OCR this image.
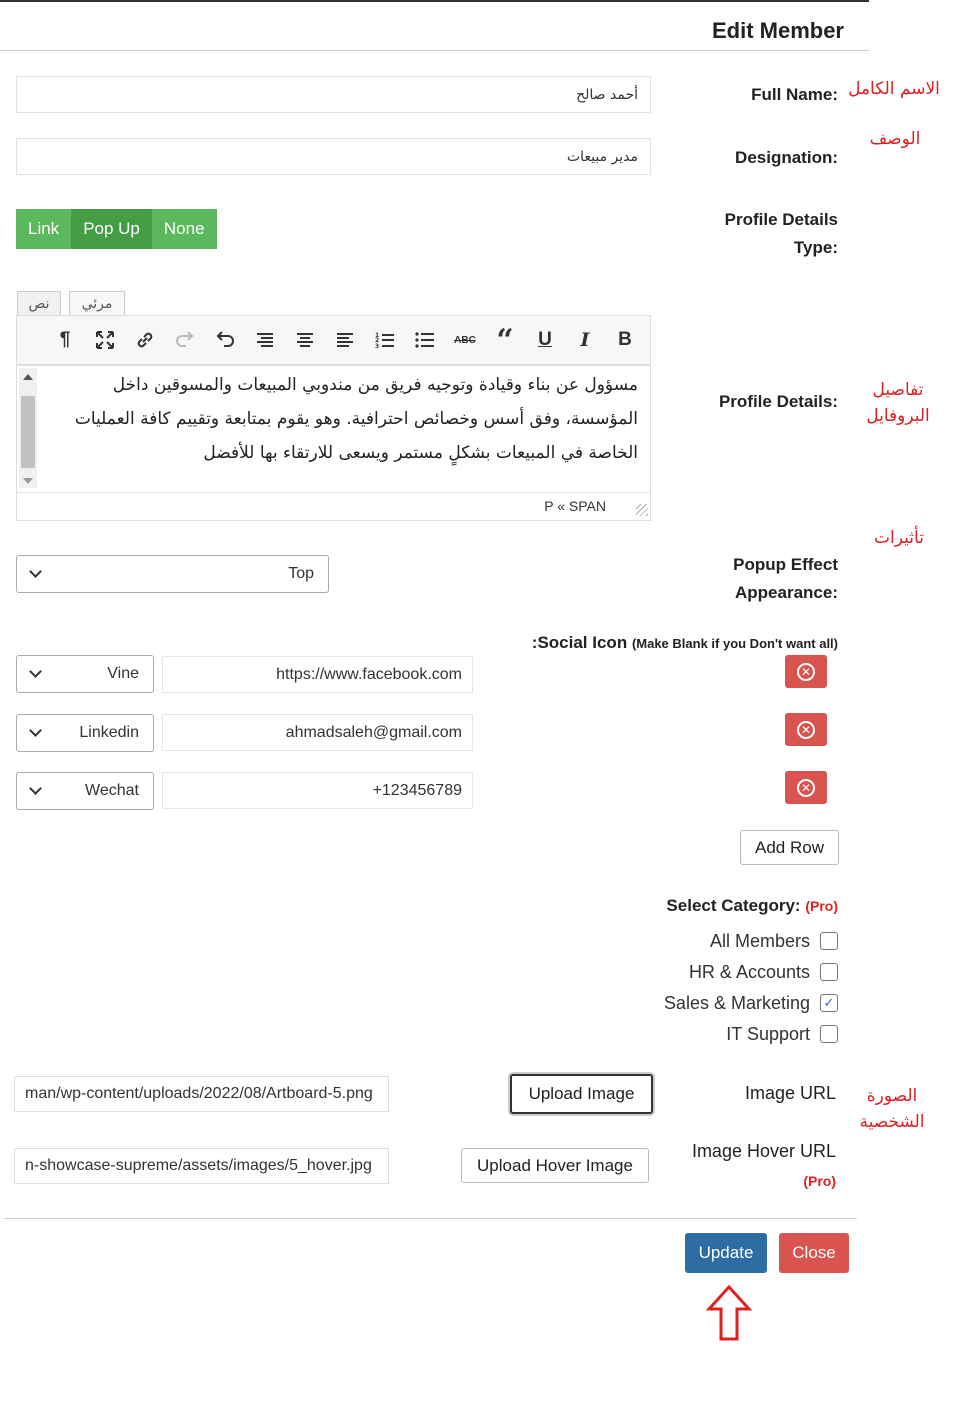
Edit Member
الاسم الكامل
Full Name:
أحمد صالح
الوصف
Designation:
مدير مبيعات
Profile Details
Type:
Link	Pop Up	None
نص	مرئي
¶	1
2
3
ABC “	U	I	B
مسؤول عن بناء وقيادة وتوجيه فريق من مندوبي المبيعات والمسوقين داخل
المؤسسة، وفق أسس وخصائص احترافية. وهو يقوم بمتابعة وتقييم كافة العمليات
الخاصة في المبيعات بشكلٍ مستمر ويسعى للارتقاء بها للأفضل
P « SPAN
تفاصيل
البروفايل
Profile Details:
تأثيرات
Popup Effect
Appearance:
Top
:Social Icon (Make Blank if you Don't want all)
Vine	https://www.facebook.com	✕
Linkedin	ahmadsaleh@gmail.com	✕
Wechat	+123456789	✕
Add Row
Select Category: (Pro)
All Members
HR & Accounts
Sales & Marketing ✓
IT Support
الصورة
الشخصية
Image URL
man/wp-content/uploads/2022/08/Artboard-5.png	Upload Image
Image Hover URL
(Pro)
n-showcase-supreme/assets/images/5_hover.jpg	Upload Hover Image
Update	Close
